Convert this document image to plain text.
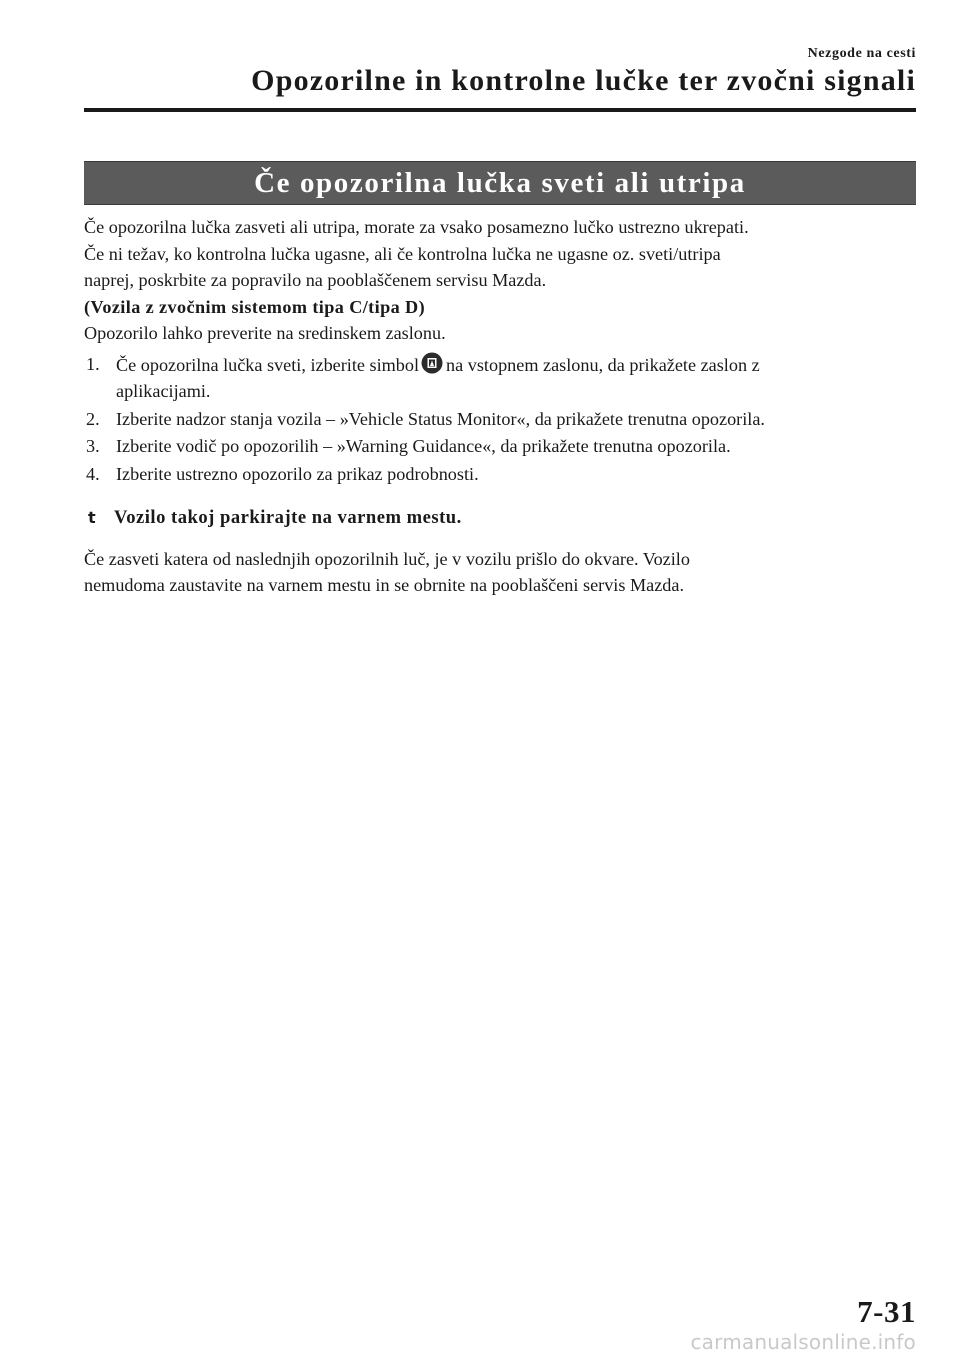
Nezgode na cesti
Opozorilne in kontrolne lučke ter zvočni signali
Če opozorilna lučka sveti ali utripa

Če opozorilna lučka zasveti ali utripa, morate za vsako posamezno lučko ustrezno ukrepati.

Če ni težav, ko kontrolna lučka ugasne, ali če kontrolna lučka ne ugasne oz. sveti/utripa

naprej, poskrbite za popravilo na pooblaščenem servisu Mazda.

(Vozila z zvočnim sistemom tipa C/tipa D)

Opozorilo lahko preverite na sredinskem zaslonu.

1. Če opozorilna lučka sveti, izberite simbol na vstopnem zaslonu, da prikažete zaslon z
aplikacijami.
2. Izberite nadzor stanja vozila – »Vehicle Status Monitor«, da prikažete trenutna opozorila.
3. Izberite vodič po opozorilih – »Warning Guidance«, da prikažete trenutna opozorila.
4. Izberite ustrezno opozorilo za prikaz podrobnosti.
t Vozilo takoj parkirajte na varnem mestu.

Če zasveti katera od naslednjih opozorilnih luč, je v vozilu prišlo do okvare. Vozilo

nemudoma zaustavite na varnem mestu in se obrnite na pooblaščeni servis Mazda.

7-31
carmanualsonline.info
